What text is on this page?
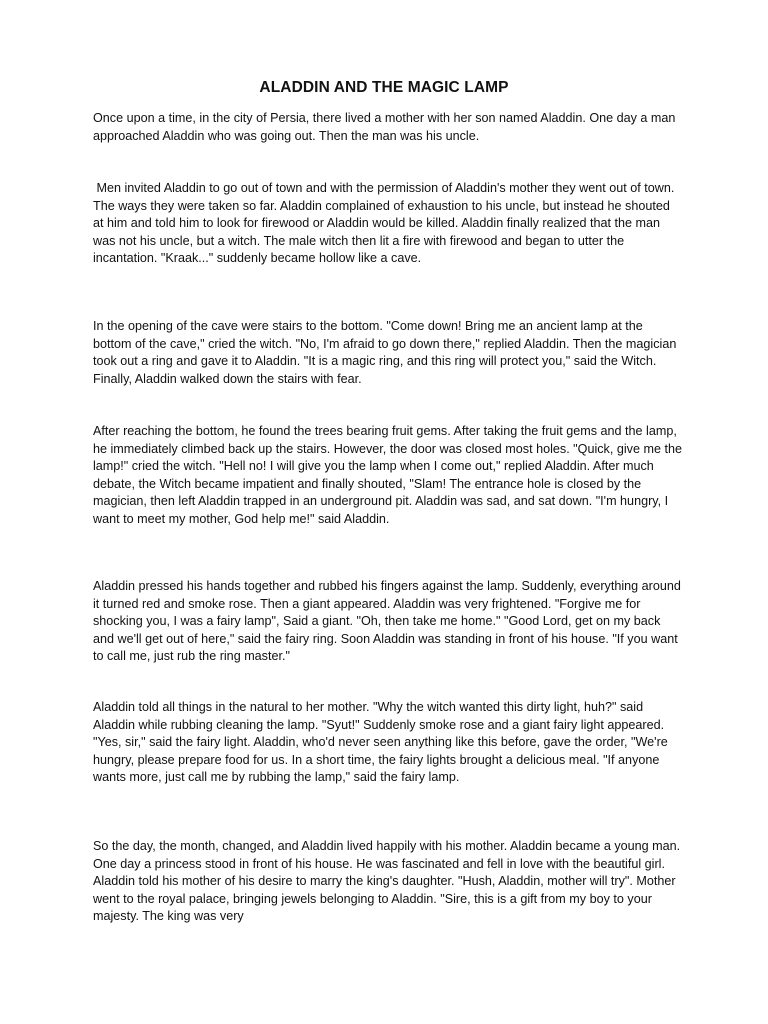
ALADDIN AND THE MAGIC LAMP

Once upon a time, in the city of Persia, there lived a mother with her son named Aladdin. One day a man approached Aladdin who was going out. Then the man was his uncle.

Men invited Aladdin to go out of town and with the permission of Aladdin's mother they went out of town. The ways they were taken so far. Aladdin complained of exhaustion to his uncle, but instead he shouted at him and told him to look for firewood or Aladdin would be killed. Aladdin finally realized that the man was not his uncle, but a witch. The male witch then lit a fire with firewood and began to utter the incantation. "Kraak..." suddenly became hollow like a cave.

In the opening of the cave were stairs to the bottom. "Come down! Bring me an ancient lamp at the bottom of the cave," cried the witch. "No, I'm afraid to go down there," replied Aladdin. Then the magician took out a ring and gave it to Aladdin. "It is a magic ring, and this ring will protect you," said the Witch.  Finally, Aladdin walked down the stairs with fear.

After reaching the bottom, he found the trees bearing fruit gems. After taking the fruit gems and the lamp, he immediately climbed back up the stairs. However, the door was closed most holes. "Quick, give me the lamp!" cried the witch. "Hell no! I will give you the lamp when I come out," replied Aladdin. After much debate, the Witch became impatient and finally shouted, "Slam! The entrance hole is closed by the magician, then left Aladdin trapped in an underground pit. Aladdin was sad, and sat down. "I'm hungry, I want to meet my mother, God help me!" said Aladdin.

Aladdin pressed his hands together and rubbed his fingers against the lamp. Suddenly, everything around it turned red and smoke rose. Then a giant appeared. Aladdin was very frightened. "Forgive me for shocking you, I was a fairy lamp", Said a giant. "Oh, then take me home." "Good Lord, get on my back and we'll get out of here," said the fairy ring. Soon Aladdin was standing in front of his house. "If you want to call me, just rub the ring master."

Aladdin told all things in the natural to her mother. "Why the witch wanted this dirty light, huh?" said Aladdin while rubbing cleaning the lamp. "Syut!" Suddenly smoke rose and a giant fairy light appeared. "Yes, sir," said the fairy light. Aladdin, who'd never seen anything like this before, gave the order, "We're hungry, please prepare food for us. In a short time, the fairy lights brought a delicious meal. "If anyone wants more, just call me by rubbing the lamp," said the fairy lamp.

So the day, the month, changed, and Aladdin lived happily with his mother. Aladdin became a young man. One day a princess stood in front of his house. He was fascinated and fell in love with the beautiful girl. Aladdin told his mother of his desire to marry the king's daughter. "Hush, Aladdin, mother will try". Mother went to the royal palace, bringing jewels belonging to Aladdin. "Sire, this is a gift from my boy to your majesty. The king was very
